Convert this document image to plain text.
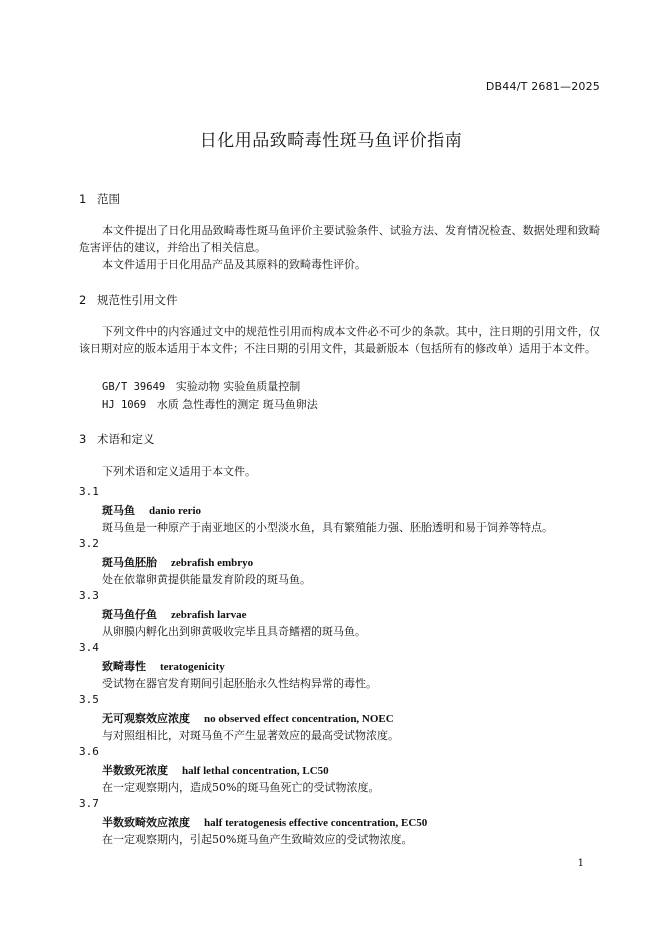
DB44/T 2681—2025
日化用品致畸毒性斑马鱼评价指南
1 范围
本文件提出了日化用品致畸毒性斑马鱼评价主要试验条件、试验方法、发育情况检查、数据处理和致畸危害评估的建议，并给出了相关信息。
本文件适用于日化用品产品及其原料的致畸毒性评价。
2 规范性引用文件
下列文件中的内容通过文中的规范性引用而构成本文件必不可少的条款。其中，注日期的引用文件，仅该日期对应的版本适用于本文件；不注日期的引用文件，其最新版本（包括所有的修改单）适用于本文件。
GB/T 39649 实验动物 实验鱼质量控制
HJ 1069 水质 急性毒性的测定 斑马鱼卵法
3 术语和定义
下列术语和定义适用于本文件。
3.1
斑马鱼 danio rerio
斑马鱼是一种原产于南亚地区的小型淡水鱼，具有繁殖能力强、胚胎透明和易于饲养等特点。
3.2
斑马鱼胚胎 zebrafish embryo
处在依靠卵黄提供能量发育阶段的斑马鱼。
3.3
斑马鱼仔鱼 zebrafish larvae
从卵膜内孵化出到卵黄吸收完毕且具奇鳍褶的斑马鱼。
3.4
致畸毒性 teratogenicity
受试物在器官发育期间引起胚胎永久性结构异常的毒性。
3.5
无可观察效应浓度 no observed effect concentration, NOEC
与对照组相比，对斑马鱼不产生显著效应的最高受试物浓度。
3.6
半数致死浓度 half lethal concentration, LC50
在一定观察期内，造成50%的斑马鱼死亡的受试物浓度。
3.7
半数致畸效应浓度 half teratogenesis effective concentration, EC50
在一定观察期内，引起50%斑马鱼产生致畸效应的受试物浓度。
1
